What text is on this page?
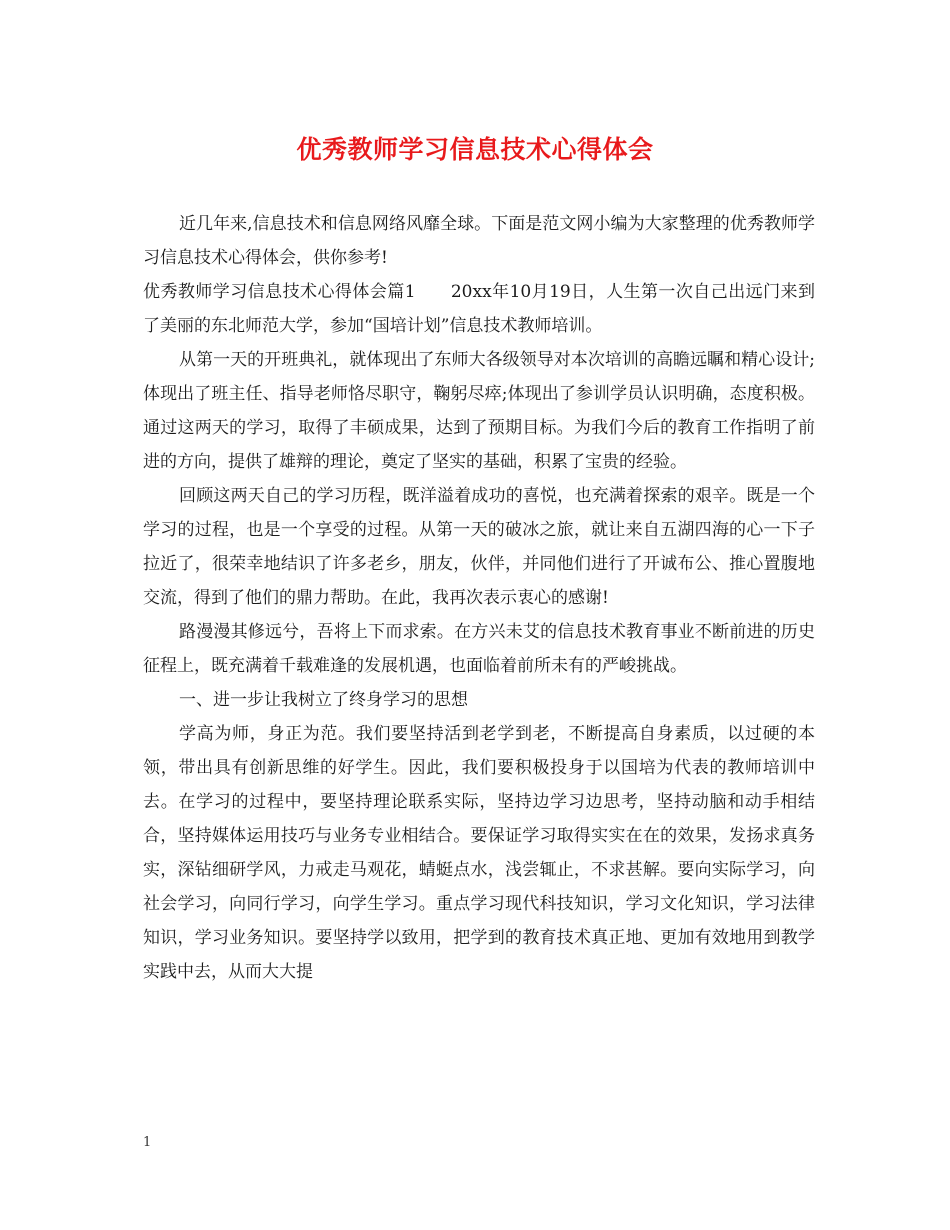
优秀教师学习信息技术心得体会

近几年来,信息技术和信息网络风靡全球。下面是范文网小编为大家整理的优秀教师学习信息技术心得体会，供你参考!

优秀教师学习信息技术心得体会篇1　　20xx年10月19日，人生第一次自己出远门来到了美丽的东北师范大学，参加“国培计划”信息技术教师培训。

从第一天的开班典礼，就体现出了东师大各级领导对本次培训的高瞻远瞩和精心设计;体现出了班主任、指导老师恪尽职守，鞠躬尽瘁;体现出了参训学员认识明确，态度积极。通过这两天的学习，取得了丰硕成果，达到了预期目标。为我们今后的教育工作指明了前进的方向，提供了雄辩的理论，奠定了坚实的基础，积累了宝贵的经验。

回顾这两天自己的学习历程，既洋溢着成功的喜悦，也充满着探索的艰辛。既是一个学习的过程，也是一个享受的过程。从第一天的破冰之旅，就让来自五湖四海的心一下子拉近了，很荣幸地结识了许多老乡，朋友，伙伴，并同他们进行了开诚布公、推心置腹地交流，得到了他们的鼎力帮助。在此，我再次表示衷心的感谢!

路漫漫其修远兮，吾将上下而求索。在方兴未艾的信息技术教育事业不断前进的历史征程上，既充满着千载难逢的发展机遇，也面临着前所未有的严峻挑战。

一、进一步让我树立了终身学习的思想

学高为师，身正为范。我们要坚持活到老学到老，不断提高自身素质，以过硬的本领，带出具有创新思维的好学生。因此，我们要积极投身于以国培为代表的教师培训中去。在学习的过程中，要坚持理论联系实际，坚持边学习边思考，坚持动脑和动手相结合，坚持媒体运用技巧与业务专业相结合。要保证学习取得实实在在的效果，发扬求真务实，深钻细研学风，力戒走马观花，蜻蜓点水，浅尝辄止，不求甚解。要向实际学习，向社会学习，向同行学习，向学生学习。重点学习现代科技知识，学习文化知识，学习法律知识，学习业务知识。要坚持学以致用，把学到的教育技术真正地、更加有效地用到教学实践中去，从而大大提

1
